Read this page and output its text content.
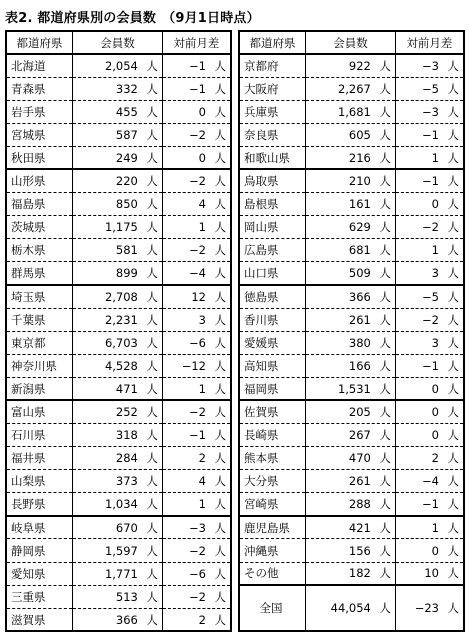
表2. 都道府県別の会員数 （9月1日時点）
都道府県	会員数	対前月差
北海道	2,054 人	−1 人
青森県	332 人	−1 人
岩手県	455 人	0 人
宮城県	587 人	−2 人
秋田県	249 人	0 人
山形県	220 人	−2 人
福島県	850 人	4 人
茨城県	1,175 人	1 人
栃木県	581 人	−2 人
群馬県	899 人	−4 人
埼玉県	2,708 人	12 人
千葉県	2,231 人	3 人
東京都	6,703 人	−6 人
神奈川県	4,528 人	−12 人
新潟県	471 人	1 人
富山県	252 人	−2 人
石川県	318 人	−1 人
福井県	284 人	2 人
山梨県	373 人	4 人
長野県	1,034 人	1 人
岐阜県	670 人	−3 人
静岡県	1,597 人	−2 人
愛知県	1,771 人	−6 人
三重県	513 人	−2 人
滋賀県	366 人	2 人
都道府県	会員数	対前月差
京都府	922 人	−3 人
大阪府	2,267 人	−5 人
兵庫県	1,681 人	−3 人
奈良県	605 人	−1 人
和歌山県	216 人	1 人
鳥取県	210 人	−1 人
島根県	161 人	0 人
岡山県	629 人	−2 人
広島県	681 人	1 人
山口県	509 人	3 人
徳島県	366 人	−5 人
香川県	261 人	−2 人
愛媛県	380 人	3 人
高知県	166 人	−1 人
福岡県	1,531 人	0 人
佐賀県	205 人	0 人
長崎県	267 人	0 人
熊本県	470 人	2 人
大分県	261 人	−4 人
宮崎県	288 人	−1 人
鹿児島県	421 人	1 人
沖縄県	156 人	0 人
その他	182 人	10 人
全国	44,054 人	−23 人
